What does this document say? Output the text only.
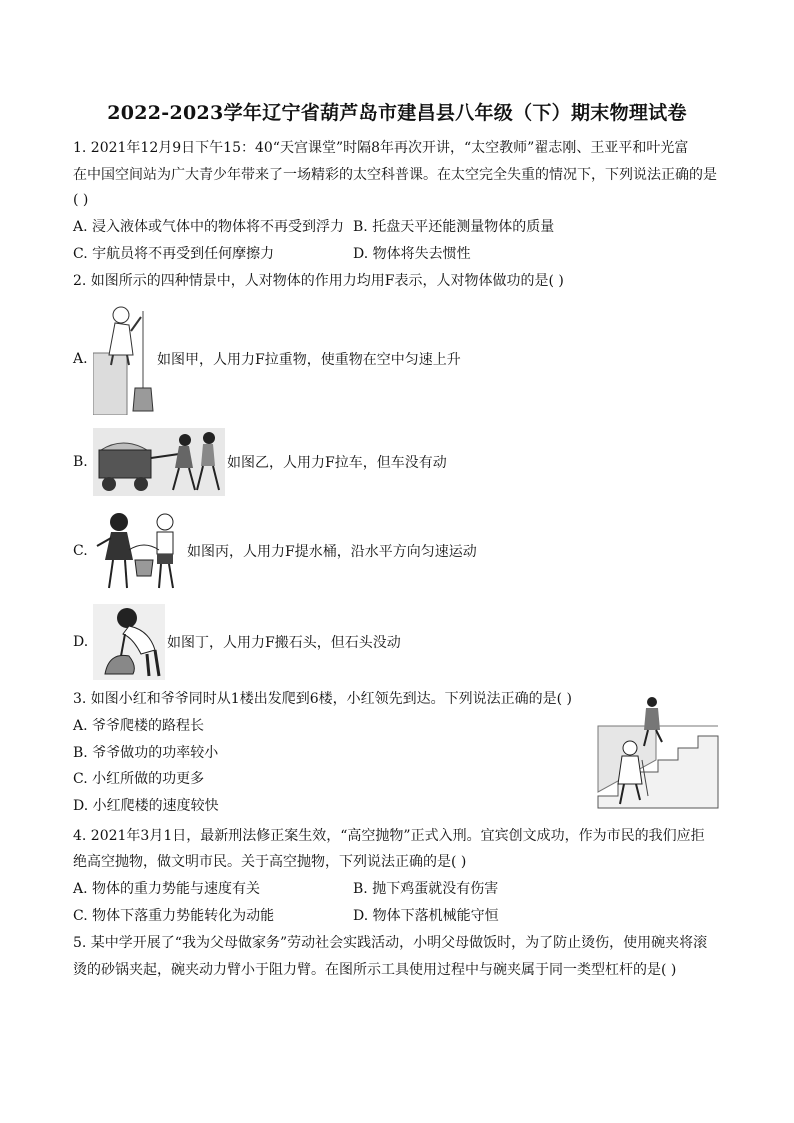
2022-2023学年辽宁省葫芦岛市建昌县八年级（下）期末物理试卷
1. 2021年12月9日下午15：40“天宫课堂”时隔8年再次开讲，“太空教师”翟志刚、王亚平和叶光富
在中国空间站为广大青少年带来了一场精彩的太空科普课。在太空完全失重的情况下，下列说法正确的是
( )
A. 浸入液体或气体中的物体将不再受到浮力 B. 托盘天平还能测量物体的质量
C. 宇航员将不再受到任何摩擦力	D. 物体将失去惯性
2. 如图所示的四种情景中，人对物体的作用力均用F表示，人对物体做功的是( )
A.	如图甲，人用力F拉重物，使重物在空中匀速上升
B.	如图乙，人用力F拉车，但车没有动
C.	如图丙，人用力F提水桶，沿水平方向匀速运动
D.	如图丁，人用力F搬石头，但石头没动
3. 如图小红和爷爷同时从1楼出发爬到6楼，小红领先到达。下列说法正确的是( )
A. 爷爷爬楼的路程长
B. 爷爷做功的功率较小
C. 小红所做的功更多
D. 小红爬楼的速度较快
4. 2021年3月1日，最新刑法修正案生效，“高空抛物”正式入刑。宜宾创文成功，作为市民的我们应拒
绝高空抛物，做文明市民。关于高空抛物，下列说法正确的是( )
A. 物体的重力势能与速度有关	B. 抛下鸡蛋就没有伤害
C. 物体下落重力势能转化为动能	D. 物体下落机械能守恒
5. 某中学开展了“我为父母做家务”劳动社会实践活动，小明父母做饭时，为了防止烫伤，使用碗夹将滚
烫的砂锅夹起，碗夹动力臂小于阻力臂。在图所示工具使用过程中与碗夹属于同一类型杠杆的是( )
